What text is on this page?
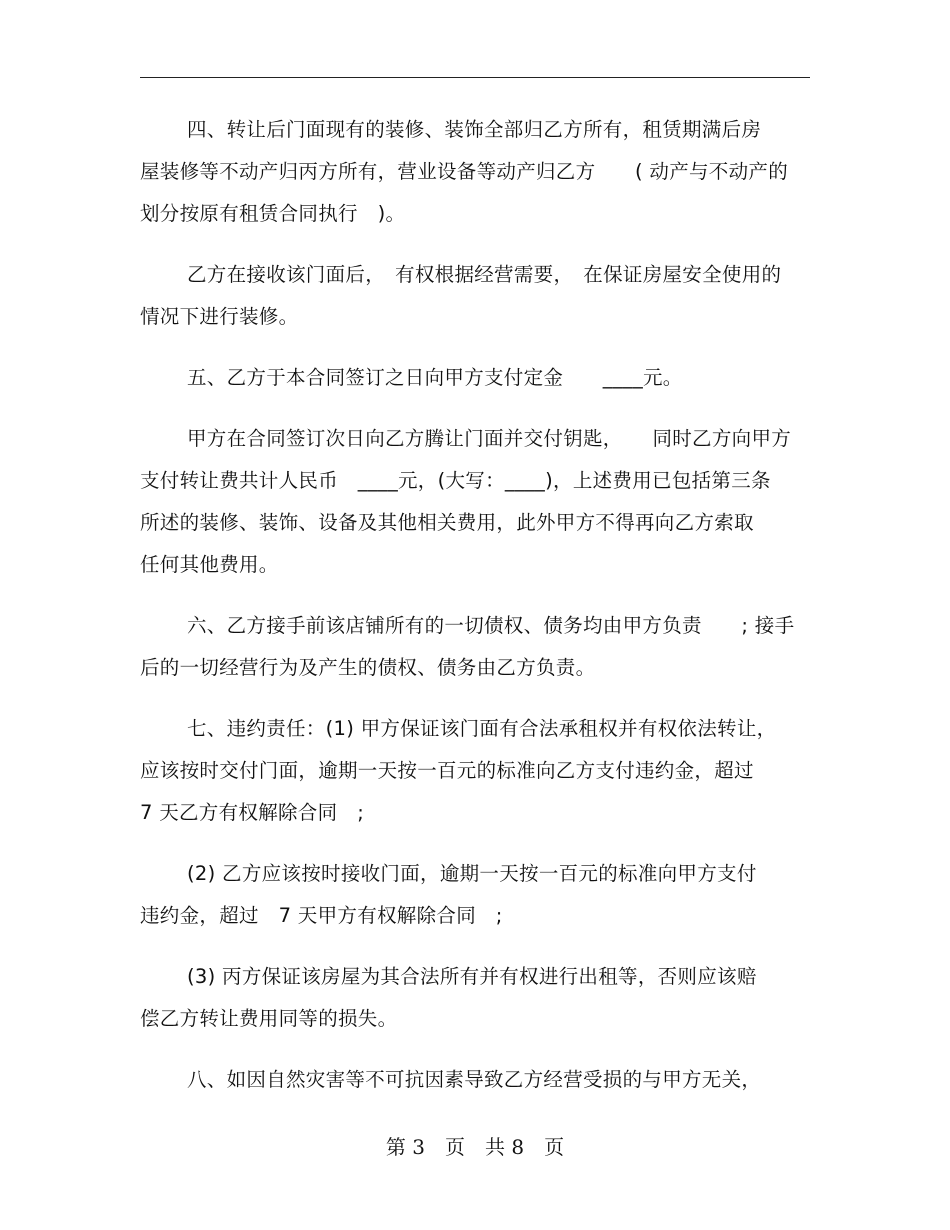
四、转让后门面现有的装修、装饰全部归乙方所有，租赁期满后房
屋装修等不动产归丙方所有，营业设备等动产归乙方　　( 动产与不动产的
划分按原有租赁合同执行　)。
乙方在接收该门面后，　有权根据经营需要，　在保证房屋安全使用的
情况下进行装修。
五、乙方于本合同签订之日向甲方支付定金　　____元。
甲方在合同签订次日向乙方腾让门面并交付钥匙，　　同时乙方向甲方
支付转让费共计人民币　____元，(大写：____)，上述费用已包括第三条
所述的装修、装饰、设备及其他相关费用，此外甲方不得再向乙方索取
任何其他费用。
六、乙方接手前该店铺所有的一切债权、债务均由甲方负责　　; 接手
后的一切经营行为及产生的债权、债务由乙方负责。
七、违约责任：(1) 甲方保证该门面有合法承租权并有权依法转让，
应该按时交付门面，逾期一天按一百元的标准向乙方支付违约金，超过
7 天乙方有权解除合同　;
(2) 乙方应该按时接收门面，逾期一天按一百元的标准向甲方支付
违约金，超过　7 天甲方有权解除合同　;
(3) 丙方保证该房屋为其合法所有并有权进行出租等，否则应该赔
偿乙方转让费用同等的损失。
八、如因自然灾害等不可抗因素导致乙方经营受损的与甲方无关，
第 3　页　共 8　页
